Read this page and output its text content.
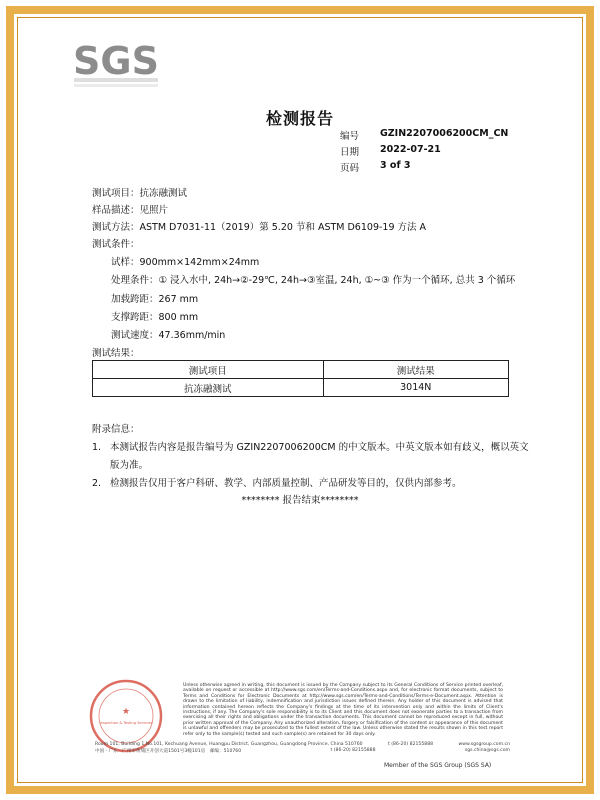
SGS
检测报告
编号	GZIN2207006200CM_CN
日期	2022-07-21
页码	3 of 3
测试项目：抗冻融测试
样品描述：见照片
测试方法：ASTM D7031-11（2019）第 5.20 节和 ASTM D6109-19 方法 A
测试条件：
试样：900mm×142mm×24mm
处理条件：① 浸入水中, 24h→②-29℃, 24h→③室温, 24h, ①~③ 作为一个循环, 总共 3 个循环
加载跨距：267 mm
支撑跨距：800 mm
测试速度：47.36mm/min
测试结果：
测试项目	测试结果
抗冻融测试	3014N
附录信息：
1. 本测试报告内容是报告编号为 GZIN2207006200CM 的中文版本。中英文版本如有歧义，概以英文
版为准。
2. 检测报告仅用于客户科研、教学、内部质量控制、产品研发等目的，仅供内部参考。
******** 报告结束********
★
Inspection & Testing Services
Unless otherwise agreed in writing, this document is issued by the Company subject to its General Conditions of Service printed overleaf, available on request or accessible at http://www.sgs.com/en/Terms-and-Conditions.aspx and, for electronic format documents, subject to Terms and Conditions for Electronic Documents at http://www.sgs.com/en/Terms-and-Conditions/Terms-e-Document.aspx. Attention is drawn to the limitation of liability, indemnification and jurisdiction issues defined therein. Any holder of this document is advised that information contained hereon reflects the Company's findings at the time of its intervention only and within the limits of Client's instructions, if any. The Company's sole responsibility is to its Client and this document does not exonerate parties to a transaction from exercising all their rights and obligations under the transaction documents. This document cannot be reproduced except in full, without prior written approval of the Company. Any unauthorized alteration, forgery or falsification of the content or appearance of this document is unlawful and offenders may be prosecuted to the fullest extent of the law. Unless otherwise stated the results shown in this test report refer only to the sample(s) tested and such sample(s) are retained for 30 days only.
Room 101, Building 1,No.101, Kechuang Avenue, Huangpu District, Guangzhou, Guangdong Province, China 510760	t (86-20) 82155888	www.sgsgroup.com.cn
中国 · 广东 · 广州市黄埔区开创大道1501号3幢101房　邮编：510760	t (86-20) 82155888	sgs.china@sgs.com
Member of the SGS Group (SGS SA)
